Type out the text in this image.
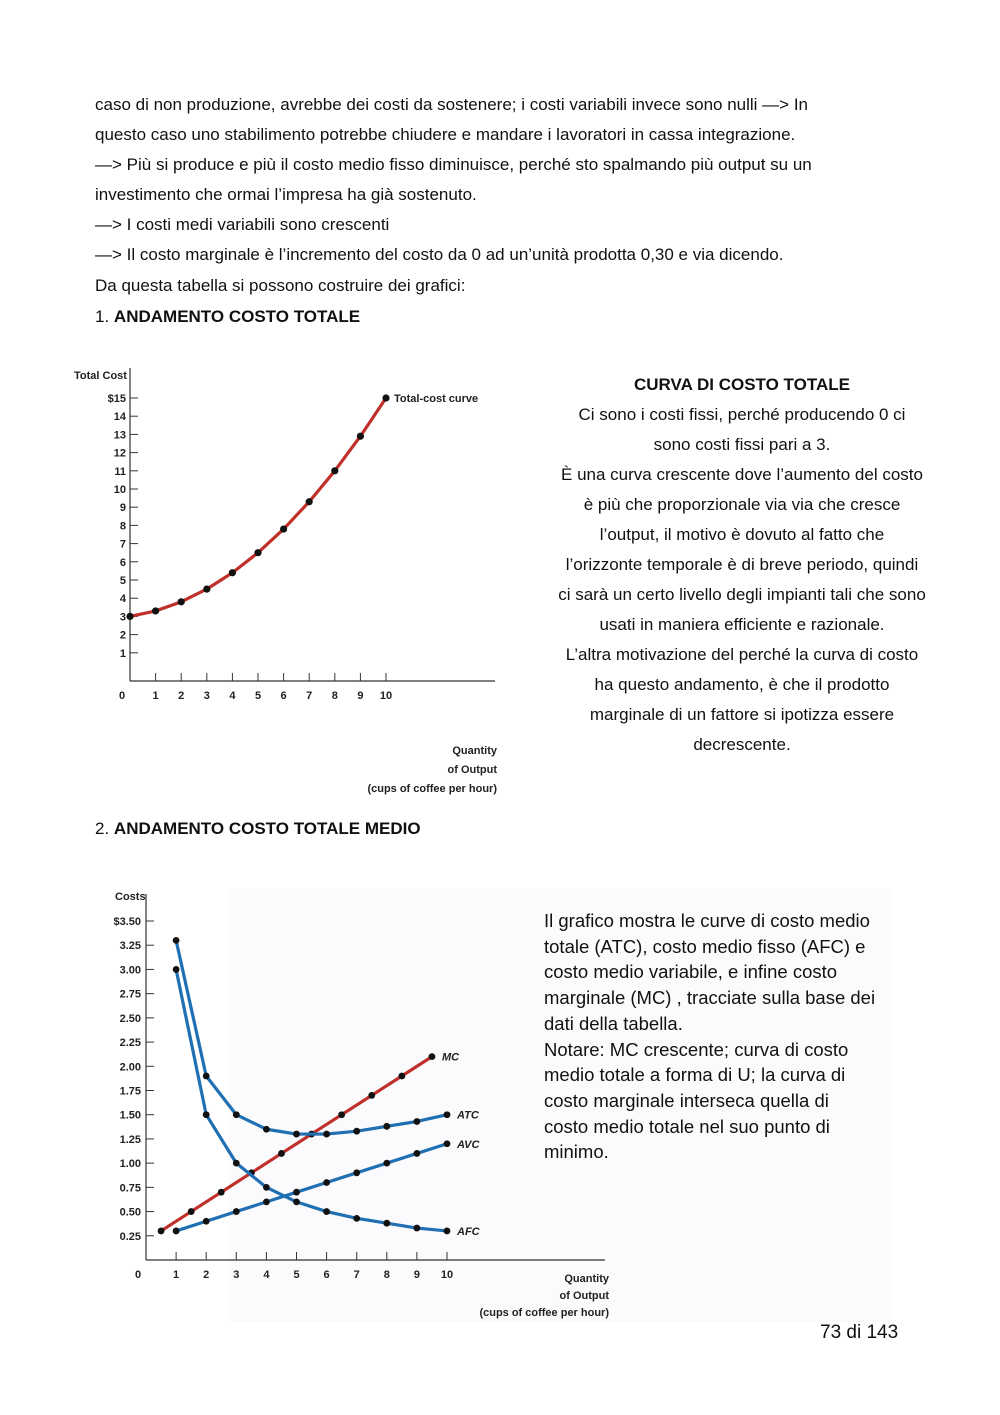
caso di non produzione, avrebbe dei costi da sostenere; i costi variabili invece sono nulli —> In
questo caso uno stabilimento potrebbe chiudere e mandare i lavoratori in cassa integrazione.
—> Più si produce e più il costo medio fisso diminuisce, perché sto spalmando più output su un
investimento che ormai l’impresa ha già sostenuto.
—> I costi medi variabili sono crescenti
—> Il costo marginale è l’incremento del costo da 0 ad un’unità prodotta 0,30 e via dicendo.
Da questa tabella si possono costruire dei grafici:
1. ANDAMENTO COSTO TOTALE
1
2
3
4
5
6
7
8
9
10
11
12
13
14
$15
0 1 2 3 4 5 6 7 8 9 10
Total Cost
Quantity
of Output
(cups of coffee per hour)
Total-cost curve
CURVA DI COSTO TOTALE
Ci sono i costi fissi, perché producendo 0 ci
sono costi fissi pari a 3.
È una curva crescente dove l’aumento del costo
è più che proporzionale via via che cresce
l’output, il motivo è dovuto al fatto che
l’orizzonte temporale è di breve periodo, quindi
ci sarà un certo livello degli impianti tali che sono
usati in maniera efficiente e razionale.
L’altra motivazione del perché la curva di costo
ha questo andamento, è che il prodotto
marginale di un fattore si ipotizza essere
decrescente.
2. ANDAMENTO COSTO TOTALE MEDIO
0.25
0.50
0.75
1.00
1.25
1.50
1.75
2.00
2.25
2.50
2.75
3.00
3.25
$3.50
0	1 2 3 4 5 6 7 8 9 10
Costs
Quantity
of Output
(cups of coffee per hour)
MC
ATC
AVC
AFC
Il grafico mostra le curve di costo medio
totale (ATC), costo medio fisso (AFC) e
costo medio variabile, e infine costo
marginale (MC) , tracciate sulla base dei
dati della tabella.
Notare: MC crescente; curva di costo
medio totale a forma di U; la curva di
costo marginale interseca quella di
costo medio totale nel suo punto di
minimo.
73 di 143
